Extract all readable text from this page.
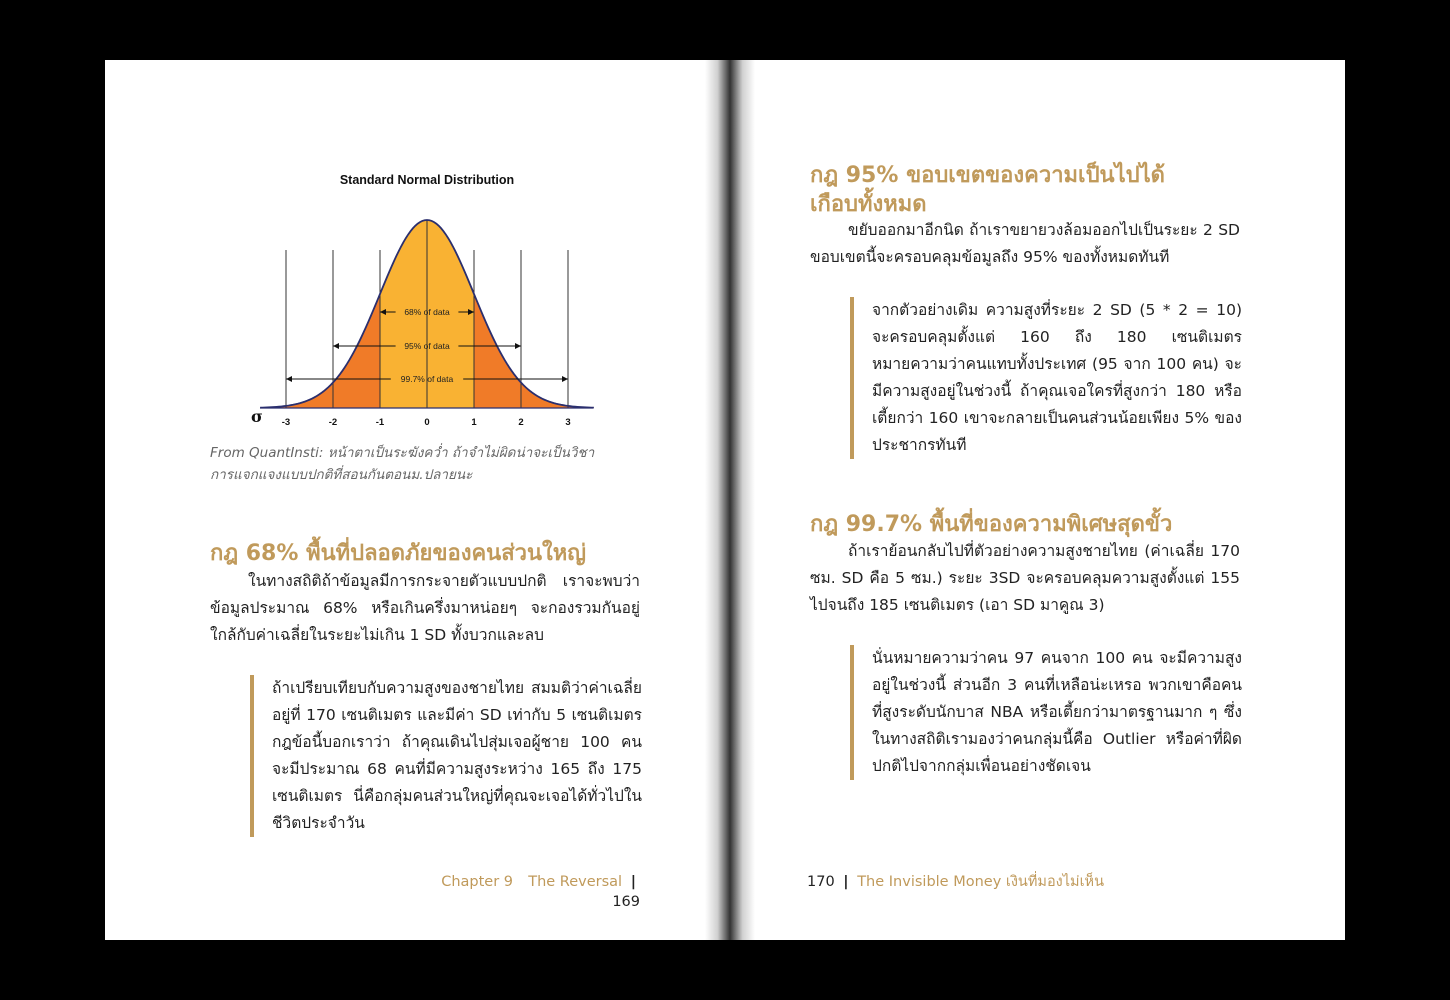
Standard Normal Distribution
68% of data
95% of data
99.7% of data
σ -3	-2	-1	0	1	2	3
From QuantInsti: หน้าตาเป็นระฆังคว่ำ ถ้าจำไม่ผิดน่าจะเป็นวิชา
การแจกแจงแบบปกติที่สอนกันตอนม.ปลายนะ
กฎ 68% พื้นที่ปลอดภัยของคนส่วนใหญ่

ในทางสถิติถ้าข้อมูลมีการกระจายตัวแบบปกติ เราจะพบว่าข้อมูลประมาณ 68% หรือเกินครึ่งมาหน่อยๆ จะกองรวมกันอยู่ใกล้กับค่าเฉลี่ยในระยะไม่เกิน 1 SD ทั้งบวกและลบ

ถ้าเปรียบเทียบกับความสูงของชายไทย สมมติว่าค่าเฉลี่ยอยู่ที่ 170 เซนติเมตร และมีค่า SD เท่ากับ 5 เซนติเมตร กฎข้อนี้บอกเราว่า ถ้าคุณเดินไปสุ่มเจอผู้ชาย 100 คน จะมีประมาณ 68 คนที่มีความสูงระหว่าง 165 ถึง 175 เซนติเมตร นี่คือกลุ่มคนส่วนใหญ่ที่คุณจะเจอได้ทั่วไปในชีวิตประจำวัน
Chapter 9 The Reversal | 169
กฎ 95% ขอบเขตของความเป็นไปได้
เกือบทั้งหมด

ขยับออกมาอีกนิด ถ้าเราขยายวงล้อมออกไปเป็นระยะ 2 SD ขอบเขตนี้จะครอบคลุมข้อมูลถึง 95% ของทั้งหมดทันที

จากตัวอย่างเดิม ความสูงที่ระยะ 2 SD (5 * 2 = 10) จะครอบคลุมตั้งแต่ 160 ถึง 180 เซนติเมตร หมายความว่าคนแทบทั้งประเทศ (95 จาก 100 คน) จะมีความสูงอยู่ในช่วงนี้ ถ้าคุณเจอใครที่สูงกว่า 180 หรือเตี้ยกว่า 160 เขาจะกลายเป็นคนส่วนน้อยเพียง 5% ของประชากรทันที
กฎ 99.7% พื้นที่ของความพิเศษสุดขั้ว

ถ้าเราย้อนกลับไปที่ตัวอย่างความสูงชายไทย (ค่าเฉลี่ย 170 ซม. SD คือ 5 ซม.) ระยะ 3SD จะครอบคลุมความสูงตั้งแต่ 155 ไปจนถึง 185 เซนติเมตร (เอา SD มาคูณ 3)

นั่นหมายความว่าคน 97 คนจาก 100 คน จะมีความสูงอยู่ในช่วงนี้ ส่วนอีก 3 คนที่เหลือน่ะเหรอ พวกเขาคือคนที่สูงระดับนักบาส NBA หรือเตี้ยกว่ามาตรฐานมาก ๆ ซึ่งในทางสถิติเรามองว่าคนกลุ่มนี้คือ Outlier หรือค่าที่ผิดปกติไปจากกลุ่มเพื่อนอย่างชัดเจน
170 | The Invisible Money เงินที่มองไม่เห็น
